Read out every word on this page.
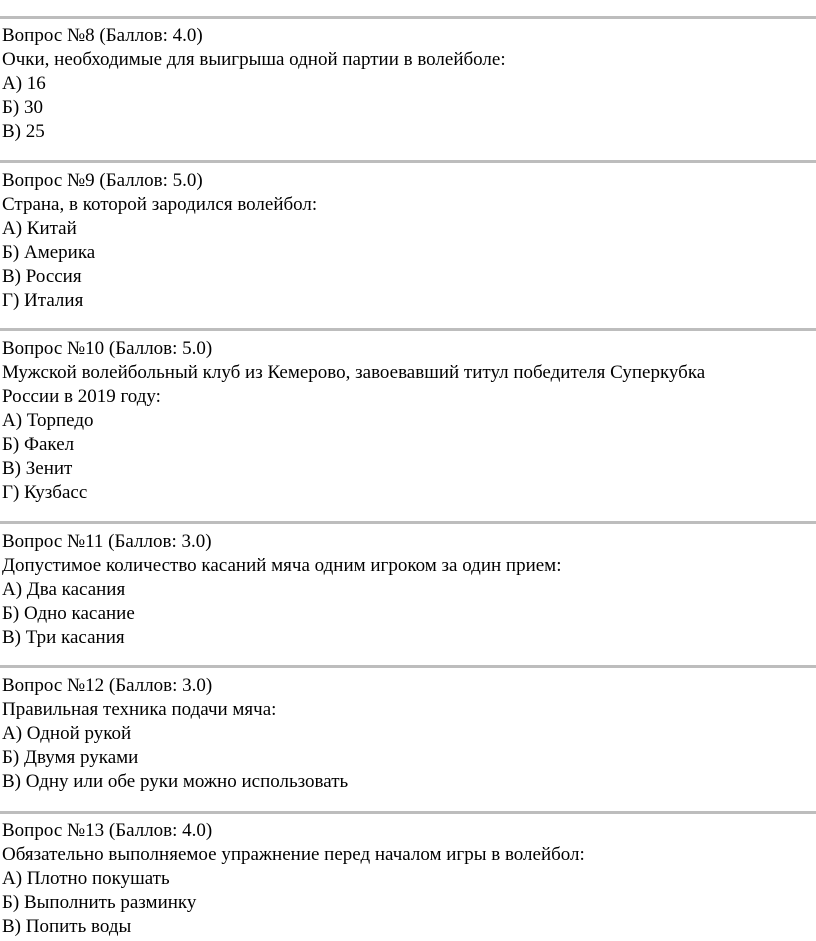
Вопрос №8 (Баллов: 4.0)
Очки, необходимые для выигрыша одной партии в волейболе:
А) 16
Б) 30
В) 25
Вопрос №9 (Баллов: 5.0)
Страна, в которой зародился волейбол:
А) Китай
Б) Америка
В) Россия
Г) Италия
Вопрос №10 (Баллов: 5.0)
Мужской волейбольный клуб из Кемерово, завоевавший титул победителя Суперкубка
России в 2019 году:
А) Торпедо
Б) Факел
В) Зенит
Г) Кузбасс
Вопрос №11 (Баллов: 3.0)
Допустимое количество касаний мяча одним игроком за один прием:
А) Два касания
Б) Одно касание
В) Три касания
Вопрос №12 (Баллов: 3.0)
Правильная техника подачи мяча:
А) Одной рукой
Б) Двумя руками
В) Одну или обе руки можно использовать
Вопрос №13 (Баллов: 4.0)
Обязательно выполняемое упражнение перед началом игры в волейбол:
А) Плотно покушать
Б) Выполнить разминку
В) Попить воды
